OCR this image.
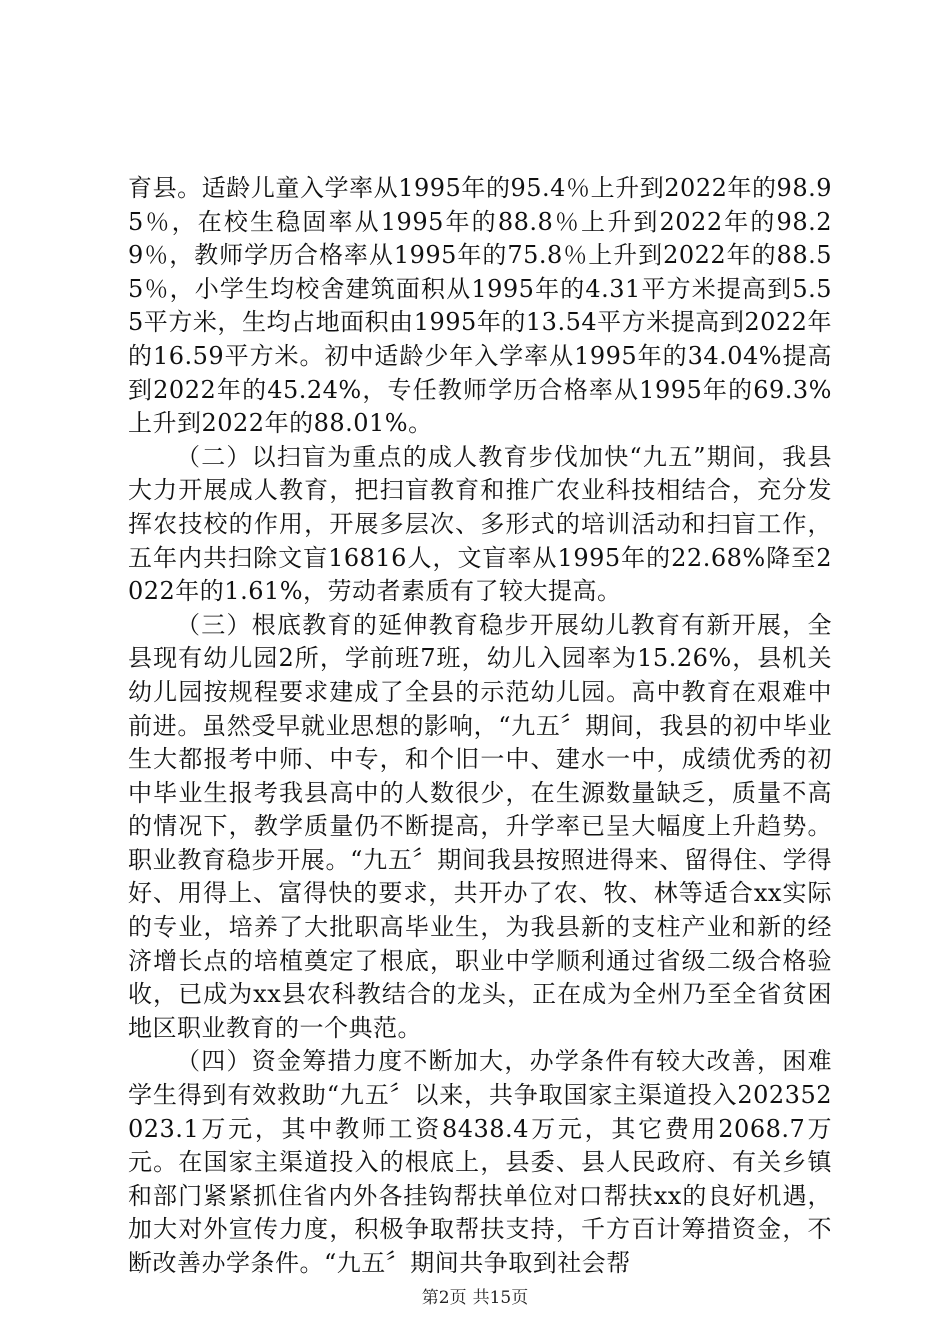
育县。适龄儿童入学率从1995年的95.4％上升到2022年的98.95％，在校生稳固率从1995年的88.8％上升到2022年的98.29％，教师学历合格率从1995年的75.8％上升到2022年的88.55％，小学生均校舍建筑面积从1995年的4.31平方米提高到5.55平方米，生均占地面积由1995年的13.54平方米提高到2022年的16.59平方米。初中适龄少年入学率从1995年的34.04%提高到2022年的45.24%，专任教师学历合格率从1995年的69.3%上升到2022年的88.01%。

（二）以扫盲为重点的成人教育步伐加快“九五”期间，我县大力开展成人教育，把扫盲教育和推广农业科技相结合，充分发挥农技校的作用，开展多层次、多形式的培训活动和扫盲工作，五年内共扫除文盲16816人，文盲率从1995年的22.68%降至2022年的1.61%，劳动者素质有了较大提高。

（三）根底教育的延伸教育稳步开展幼儿教育有新开展，全县现有幼儿园2所，学前班7班，幼儿入园率为15.26%，县机关幼儿园按规程要求建成了全县的示范幼儿园。高中教育在艰难中前进。虽然受早就业思想的影响，“九五〞期间，我县的初中毕业生大都报考中师、中专，和个旧一中、建水一中，成绩优秀的初中毕业生报考我县高中的人数很少，在生源数量缺乏，质量不高的情况下，教学质量仍不断提高，升学率已呈大幅度上升趋势。职业教育稳步开展。“九五〞期间我县按照进得来、留得住、学得好、用得上、富得快的要求，共开办了农、牧、林等适合xx实际的专业，培养了大批职高毕业生，为我县新的支柱产业和新的经济增长点的培植奠定了根底，职业中学顺利通过省级二级合格验收，已成为xx县农科教结合的龙头，正在成为全州乃至全省贫困地区职业教育的一个典范。

（四）资金筹措力度不断加大，办学条件有较大改善，困难学生得到有效救助“九五〞以来，共争取国家主渠道投入202352023.1万元，其中教师工资8438.4万元，其它费用2068.7万元。在国家主渠道投入的根底上，县委、县人民政府、有关乡镇和部门紧紧抓住省内外各挂钩帮扶单位对口帮扶xx的良好机遇，加大对外宣传力度，积极争取帮扶支持，千方百计筹措资金，不断改善办学条件。“九五〞期间共争取到社会帮

第2页 共15页
